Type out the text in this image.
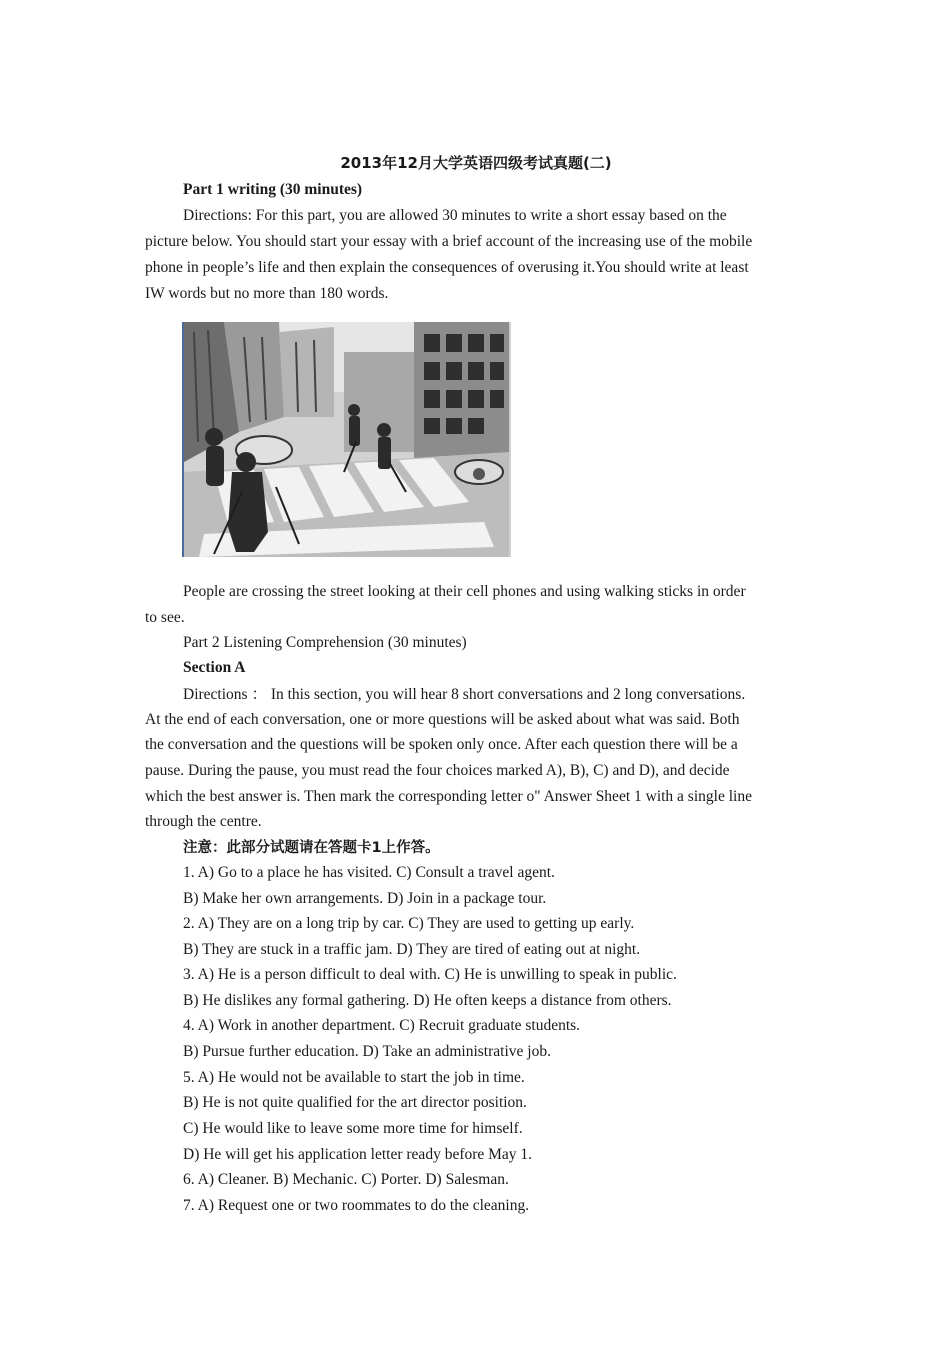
2013年12月大学英语四级考试真题(二)
Part 1 writing (30 minutes)
Directions: For this part, you are allowed 30 minutes to write a short essay based on the
picture below. You should start your essay with a brief account of the increasing use of the mobile
phone in people’s life and then explain the consequences of overusing it.You should write at least
IW words but no more than 180 words.
People are crossing the street looking at their cell phones and using walking sticks in order
to see.
Part 2 Listening Comprehension (30 minutes)
Section A
Directions ： In this section, you will hear 8 short conversations and 2 long conversations.
At the end of each conversation, one or more questions will be asked about what was said. Both
the conversation and the questions will be spoken only once. After each question there will be a
pause. During the pause, you must read the four choices marked A), B), C) and D), and decide
which the best answer is. Then mark the corresponding letter o" Answer Sheet 1 with a single line
through the centre.
注意：此部分试题请在答题卡1上作答。
1. A) Go to a place he has visited. C) Consult a travel agent.
B) Make her own arrangements. D) Join in a package tour.
2. A) They are on a long trip by car. C) They are used to getting up early.
B) They are stuck in a traffic jam. D) They are tired of eating out at night.
3. A) He is a person difficult to deal with. C) He is unwilling to speak in public.
B) He dislikes any formal gathering. D) He often keeps a distance from others.
4. A) Work in another department. C) Recruit graduate students.
B) Pursue further education. D) Take an administrative job.
5. A) He would not be available to start the job in time.
B) He is not quite qualified for the art director position.
C) He would like to leave some more time for himself.
D) He will get his application letter ready before May 1.
6. A) Cleaner. B) Mechanic. C) Porter. D) Salesman.
7. A) Request one or two roommates to do the cleaning.
